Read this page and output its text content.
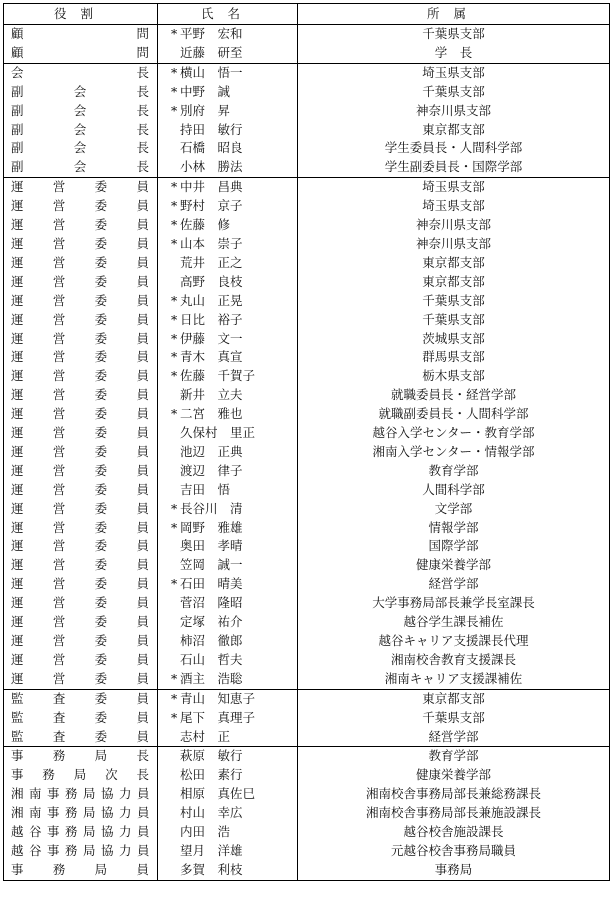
役割	氏名	所属
顧問	* 平野　宏和	千葉県支部
顧問	近藤　研至	学　長
会長	* 横山　悟一	埼玉県支部
副会長	* 中野　誠	千葉県支部
副会長	* 別府　昇	神奈川県支部
副会長	持田　敏行	東京都支部
副会長	石橋　昭良	学生委員長・人間科学部
副会長	小林　勝法	学生副委員長・国際学部
運営委員	* 中井　昌典	埼玉県支部
運営委員	* 野村　京子	埼玉県支部
運営委員	* 佐藤　修	神奈川県支部
運営委員	* 山本　崇子	神奈川県支部
運営委員	荒井　正之	東京都支部
運営委員	高野　良枝	東京都支部
運営委員	* 丸山　正晃	千葉県支部
運営委員	* 日比　裕子	千葉県支部
運営委員	* 伊藤　文一	茨城県支部
運営委員	* 青木　真宣	群馬県支部
運営委員	* 佐藤　千賀子	栃木県支部
運営委員	新井　立夫	就職委員長・経営学部
運営委員	* 二宮　雅也	就職副委員長・人間科学部
運営委員	久保村　里正	越谷入学センター・教育学部
運営委員	池辺　正典	湘南入学センター・情報学部
運営委員	渡辺　律子	教育学部
運営委員	吉田　悟	人間科学部
運営委員	* 長谷川　清	文学部
運営委員	* 岡野　雅雄	情報学部
運営委員	奥田　孝晴	国際学部
運営委員	笠岡　誠一	健康栄養学部
運営委員	* 石田　晴美	経営学部
運営委員	菅沼　隆昭	大学事務局部長兼学長室課長
運営委員	定塚　祐介	越谷学生課長補佐
運営委員	柿沼　徹郎	越谷キャリア支援課長代理
運営委員	石山　哲夫	湘南校舎教育支援課長
運営委員	* 酒主　浩聡	湘南キャリア支援課補佐
監査委員	* 青山　知恵子	東京都支部
監査委員	* 尾下　真理子	千葉県支部
監査委員	志村　正	経営学部
事務局長	萩原　敏行	教育学部
事務局次長	松田　素行	健康栄養学部
湘南事務局協力員	相原　真佐巳	湘南校舎事務局部長兼総務課長
湘南事務局協力員	村山　幸広	湘南校舎事務局部長兼施設課長
越谷事務局協力員	内田　浩	越谷校舎施設課長
越谷事務局協力員	望月　洋雄	元越谷校舎事務局職員
事務局員	多賀　利枝	事務局
